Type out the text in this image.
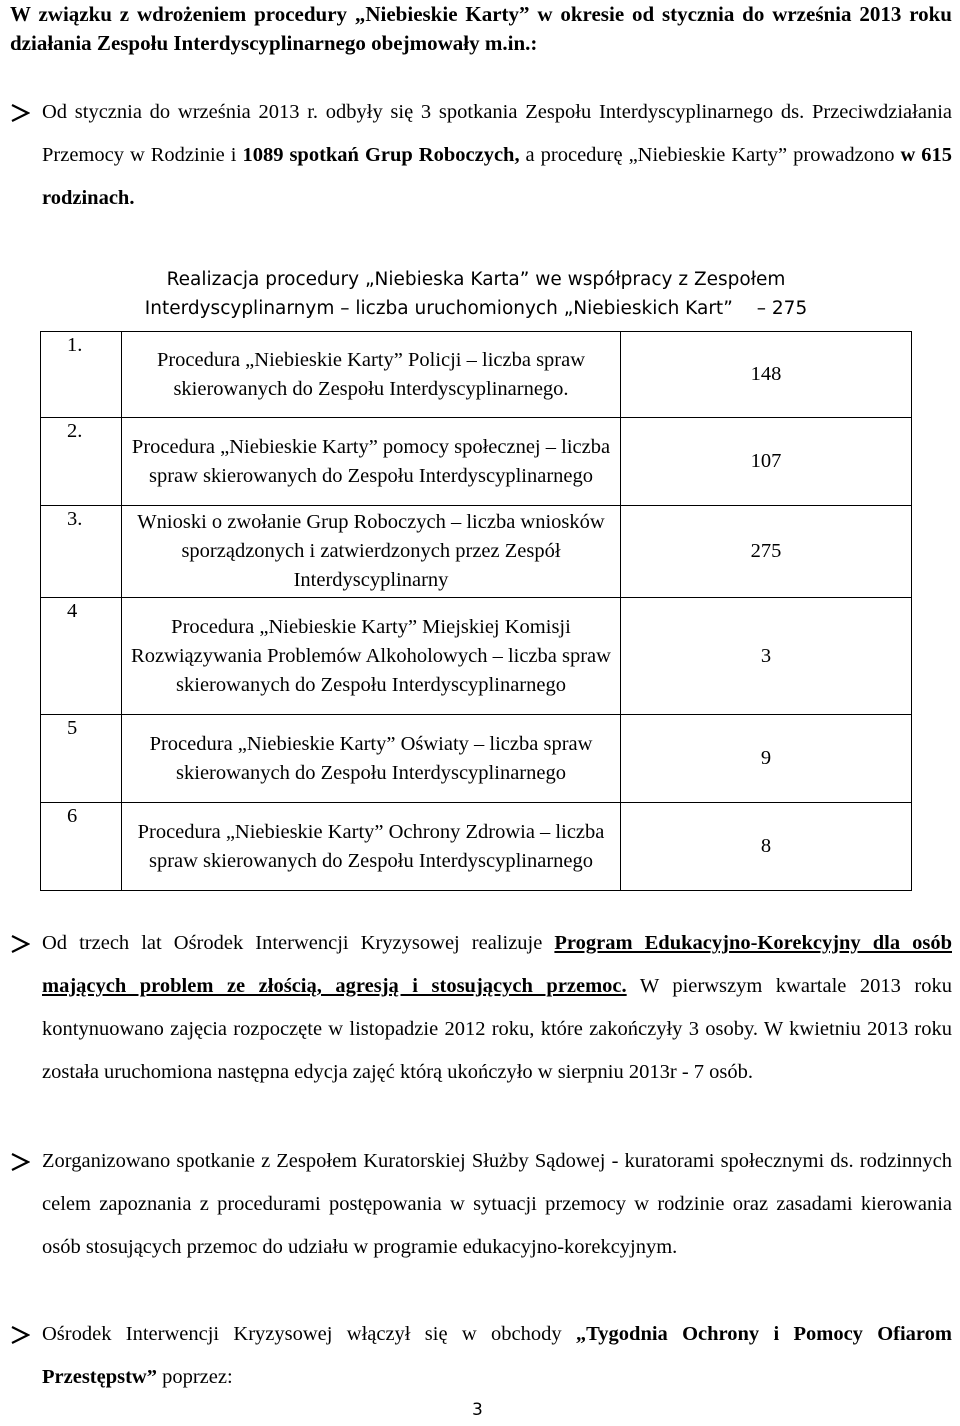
W związku z wdrożeniem procedury „Niebieskie Karty” w okresie od stycznia do września 2013 roku działania Zespołu Interdyscyplinarnego obejmowały m.in.:
Od stycznia do września 2013 r. odbyły się 3 spotkania Zespołu Interdyscyplinarnego ds. Przeciwdziałania Przemocy w Rodzinie i 1089 spotkań Grup Roboczych, a procedurę „Niebieskie Karty” prowadzono w 615 rodzinach.
Realizacja procedury „Niebieska Karta” we współpracy z Zespołem
Interdyscyplinarnym – liczba uruchomionych „Niebieskich Kart” – 275
1.	Procedura „Niebieskie Karty” Policji – liczba spraw skierowanych do Zespołu Interdyscyplinarnego.	148
2.	Procedura „Niebieskie Karty” pomocy społecznej – liczba spraw skierowanych do Zespołu Interdyscyplinarnego	107
3.	Wnioski o zwołanie Grup Roboczych – liczba wniosków sporządzonych i zatwierdzonych przez Zespół Interdyscyplinarny	275
4	Procedura „Niebieskie Karty” Miejskiej Komisji Rozwiązywania Problemów Alkoholowych – liczba spraw skierowanych do Zespołu Interdyscyplinarnego	3
5	Procedura „Niebieskie Karty” Oświaty – liczba spraw skierowanych do Zespołu Interdyscyplinarnego	9
6	Procedura „Niebieskie Karty” Ochrony Zdrowia – liczba spraw skierowanych do Zespołu Interdyscyplinarnego	8
Od trzech lat Ośrodek Interwencji Kryzysowej realizuje Program Edukacyjno-Korekcyjny dla osób mających problem ze złością, agresją i stosujących przemoc. W pierwszym kwartale 2013 roku kontynuowano zajęcia rozpoczęte w listopadzie 2012 roku, które zakończyły 3 osoby. W kwietniu 2013 roku została uruchomiona następna edycja zajęć którą ukończyło w sierpniu 2013r - 7 osób.
Zorganizowano spotkanie z Zespołem Kuratorskiej Służby Sądowej - kuratorami społecznymi ds. rodzinnych celem zapoznania z procedurami postępowania w sytuacji przemocy w rodzinie oraz zasadami kierowania osób stosujących przemoc do udziału w programie edukacyjno-korekcyjnym.
Ośrodek Interwencji Kryzysowej włączył się w obchody „Tygodnia Ochrony i Pomocy Ofiarom Przestępstw” poprzez:
3
